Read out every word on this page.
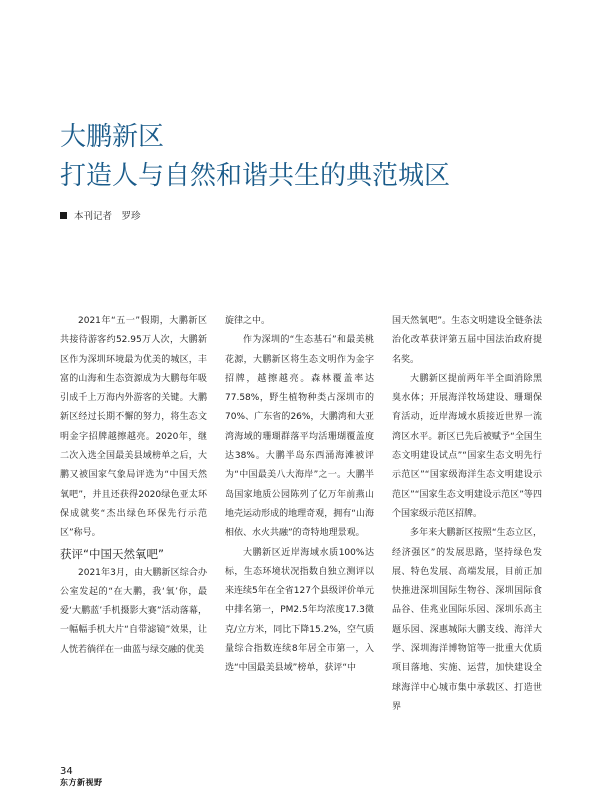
大鹏新区
打造人与自然和谐共生的典范城区
本刊记者　罗珍

2021年“五一”假期，大鹏新区共接待游客约52.95万人次，大鹏新区作为深圳环境最为优美的城区，丰富的山海和生态资源成为大鹏每年吸引成千上万海内外游客的关键。大鹏新区经过长期不懈的努力，将生态文明金字招牌越擦越亮。2020年，继二次入选全国最美县域榜单之后，大鹏又被国家气象局评选为“中国天然氧吧”，并且还获得2020绿色亚太环保成就奖“杰出绿色环保先行示范区”称号。

获评“中国天然氧吧”

2021年3月，由大鹏新区综合办公室发起的“在大鹏，我‘氧’你，最爱‘大鹏蓝’手机摄影大赛”活动落幕，一幅幅手机大片“自带滤镜”效果，让人恍若徜徉在一曲蓝与绿交融的优美

旋律之中。

作为深圳的“生态基石”和最美桃花源，大鹏新区将生态文明作为金字招牌，越擦越亮。森林覆盖率达77.58%，野生植物种类占深圳市的70%、广东省的26%，大鹏湾和大亚湾海域的珊瑚群落平均活珊瑚覆盖度达38%。大鹏半岛东西涌海滩被评为“中国最美八大海岸”之一。大鹏半岛国家地质公园陈列了亿万年前燕山地壳运动形成的地理奇观，拥有“山海相依、水火共融”的奇特地理景观。

大鹏新区近岸海域水质100%达标，生态环境状况指数自独立测评以来连续5年在全省127个县级评价单元中排名第一，PM2.5年均浓度17.3微克/立方米，同比下降15.2%，空气质量综合指数连续8年居全市第一，入选“中国最美县域”榜单，获评“中

国天然氧吧”。生态文明建设全链条法治化改革获评第五届中国法治政府提名奖。

大鹏新区提前两年半全面消除黑臭水体；开展海洋牧场建设、珊瑚保育活动，近岸海域水质接近世界一流湾区水平。新区已先后被赋予“全国生态文明建设试点”“国家生态文明先行示范区”“国家级海洋生态文明建设示范区”“国家生态文明建设示范区”等四个国家级示范区招牌。

多年来大鹏新区按照“生态立区，经济强区”的发展思路，坚持绿色发展、特色发展、高端发展，目前正加快推进深圳国际生物谷、深圳国际食品谷、佳兆业国际乐园、深圳乐高主题乐园、深惠城际大鹏支线、海洋大学、深圳海洋博物馆等一批重大优质项目落地、实施、运营，加快建设全球海洋中心城市集中承载区、打造世界

34
东方新视野
